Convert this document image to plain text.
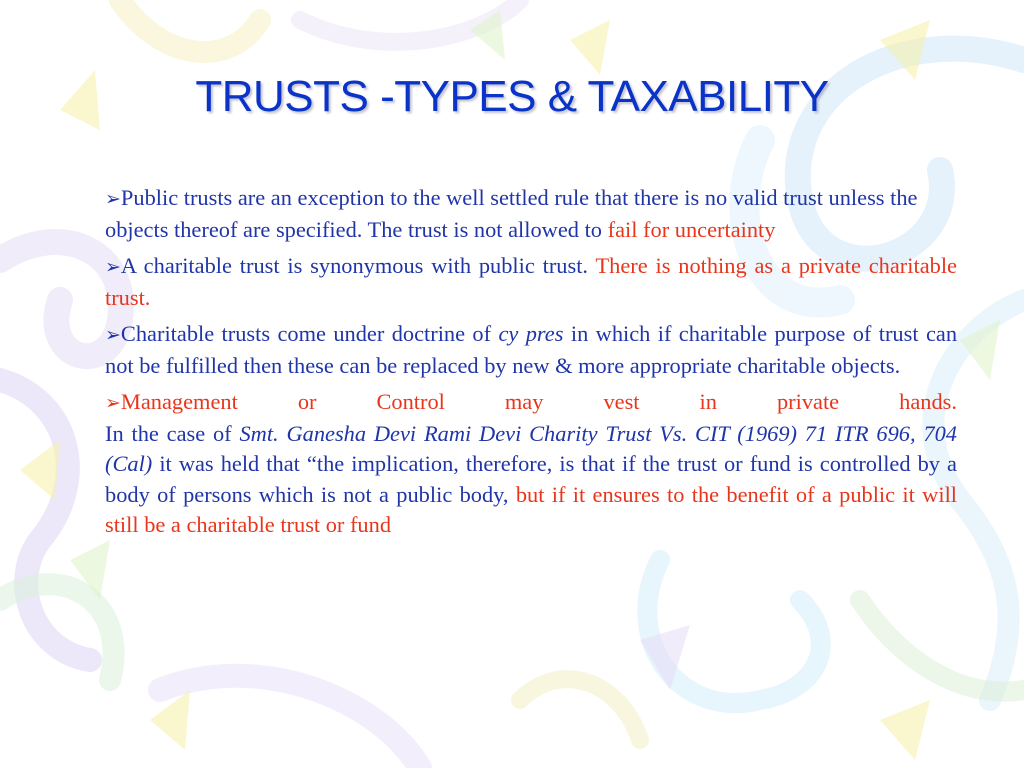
TRUSTS -TYPES & TAXABILITY

➢Public trusts are an exception to the well settled rule that there is no valid trust unless the objects thereof are specified. The trust is not allowed to fail for uncertainty

➢A charitable trust is synonymous with public trust. There is nothing as a private charitable trust.

➢Charitable trusts come under doctrine of cy pres in which if charitable purpose of trust can not be fulfilled then these can be replaced by new & more appropriate charitable objects.

➢Management	or	Control	may	vest	in	private	hands.
In the case of Smt. Ganesha Devi Rami Devi Charity Trust Vs. CIT (1969) 71 ITR 696, 704 (Cal) it was held that “the implication, therefore, is that if the trust or fund is controlled by a body of persons which is not a public body, but if it ensures to the benefit of a public it will still be a charitable trust or fund
